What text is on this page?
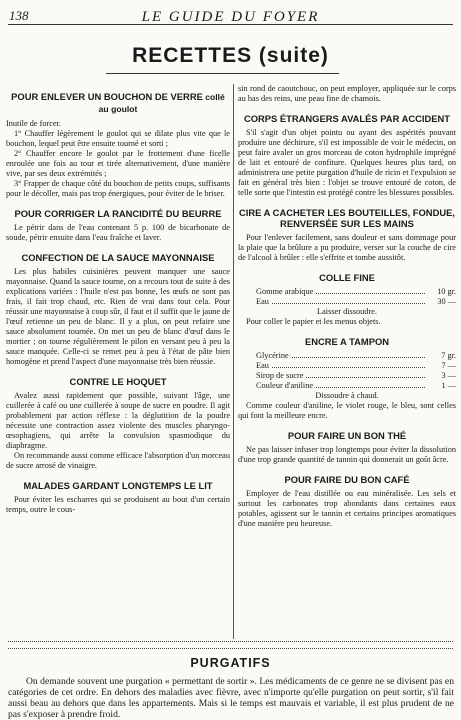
138	LE GUIDE DU FOYER
RECETTES (suite)
POUR ENLEVER UN BOUCHON DE VERRE collé au goulot

Inutile de forcer.

1° Chauffer légèrement le goulot qui se dilate plus vite que le bouchon, lequel peut être ensuite tourné et sorti ;

2° Chauffer encore le goulot par le frottement d'une ficelle enroulée une fois au tour et tirée alternativement, d'une manière vive, par ses deux extrémités ;

3° Frapper de chaque côté du bouchon de petits coups, suffisants pour le décoller, mais pas trop énergiques, pour éviter de le briser.

POUR CORRIGER LA RANCIDITÉ DU BEURRE

Le pétrir dans de l'eau contenant 5 p. 100 de bicarbonate de soude, pétrir ensuite dans l'eau fraîche et laver.

CONFECTION DE LA SAUCE MAYONNAISE

Les plus habiles cuisinières peuvent manquer une sauce mayonnaise. Quand la sauce tourne, on a recours tout de suite à des explications variées : l'huile n'est pas bonne, les œufs ne sont pas frais, il fait trop chaud, etc. Rien de vrai dans tout cela. Pour réussir une mayonnaise à coup sûr, il faut et il suffit que le jaune de l'œuf retienne un peu de blanc. Il y a plus, on peut refaire une sauce absolument tournée. On met un peu de blanc d'œuf dans le mortier ; on tourne régulièrement le pilon en versant peu à peu la sauce manquée. Celle-ci se remet peu à peu à l'état de pâte bien homogène et prend l'aspect d'une mayonnaise très bien réussie.

CONTRE LE HOQUET

Avalez aussi rapidement que possible, suivant l'âge, une cuillerée à café ou une cuillerée à soupe de sucre en poudre. Il agit probablement par action réflexe : la déglutition de la poudre nécessite une contraction assez violente des muscles pharyngo-œsophagiens, qui arrête la convulsion spasmodique du diaphragme.

On recommande aussi comme efficace l'absorption d'un morceau de sucre arrosé de vinaigre.

MALADES GARDANT LONGTEMPS LE LIT

Pour éviter les escharres qui se produisent au bout d'un certain temps, outre le cous-

sin rond de caoutchouc, on peut employer, appliquée sur le corps au bas des reins, une peau fine de chamois.

CORPS ÉTRANGERS AVALÉS PAR ACCIDENT

S'il s'agit d'un objet pointu ou ayant des aspérités pouvant produire une déchirure, s'il est impossible de voir le médecin, on peut faire avaler un gros morceau de coton hydrophile imprégné de lait et entouré de confiture. Quelques heures plus tard, on administrera une petite purgation d'huile de ricin et l'expulsion se fait en général très bien : l'objet se trouve entouré de coton, de telle sorte que l'intestin est protégé contre les blessures possibles.

CIRE A CACHETER LES BOUTEILLES, FONDUE, RENVERSÉE SUR LES MAINS

Pour l'enlever facilement, sans douleur et sans dommage pour la plaie que la brûlure a pu produire, verser sur la couche de cire de l'alcool à brûler : elle s'effrite et tombe aussitôt.

COLLE FINE
Gomme arabique	10 gr.
Eau	30 —

Laisser dissoudre.

Pour coller le papier et les menus objets.

ENCRE A TAMPON
Glycérine	7 gr.
Eau	7 —
Sirop de sucre	3 —
Couleur d'aniline	1 —

Dissoudre à chaud.

Comme couleur d'aniline, le violet rouge, le bleu, sont celles qui font la meilleure encre.

POUR FAIRE UN BON THÉ

Ne pas laisser infuser trop longtemps pour éviter la dissolution d'une trop grande quantité de tannin qui donnerait un goût âcre.

POUR FAIRE DU BON CAFÉ

Employer de l'eau distillée ou eau minéralisée. Les sels et surtout les carbonates trop abondants dans certaines eaux potables, agissent sur le tannin et certains principes aromatiques d'une manière peu heureuse.

PURGATIFS

On demande souvent une purgation « permettant de sortir ». Les médicaments de ce genre ne se divisent pas en catégories de cet ordre. En dehors des maladies avec fièvre, avec n'importe qu'elle purgation on peut sortir, s'il fait aussi beau au dehors que dans les appartements. Mais si le temps est mauvais et variable, il est plus prudent de ne pas s'exposer à prendre froid.
